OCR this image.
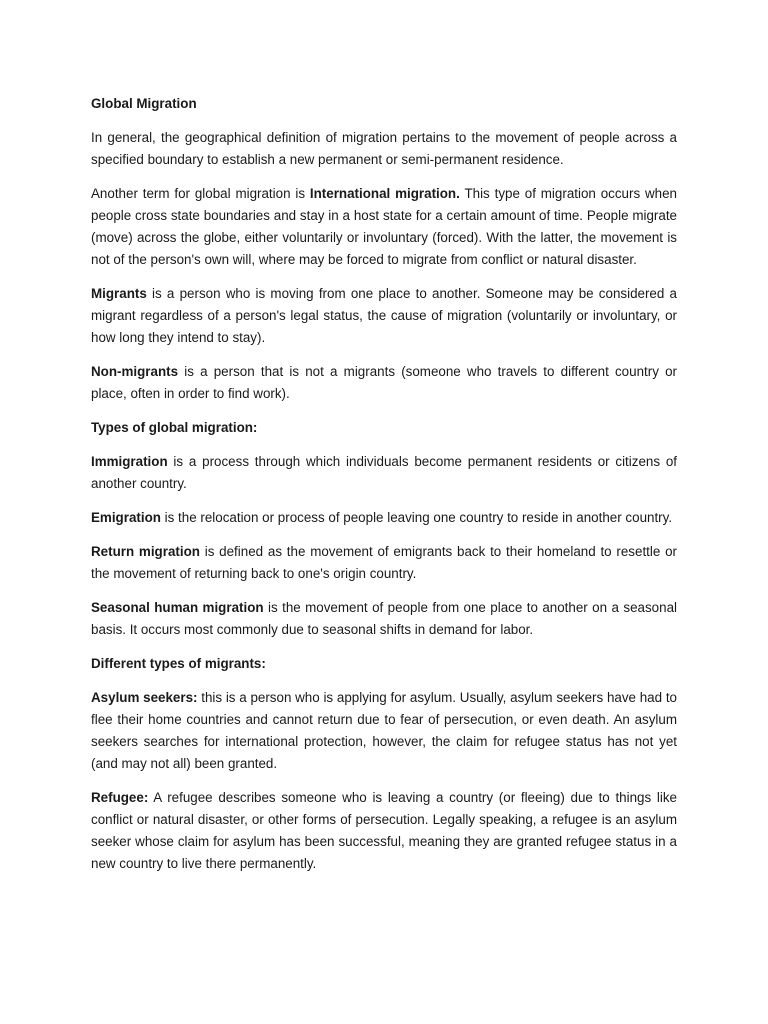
Global Migration

In general, the geographical definition of migration pertains to the movement of people across a specified boundary to establish a new permanent or semi-permanent residence.

Another term for global migration is International migration. This type of migration occurs when people cross state boundaries and stay in a host state for a certain amount of time. People migrate (move) across the globe, either voluntarily or involuntary (forced). With the latter, the movement is not of the person's own will, where may be forced to migrate from conflict or natural disaster.

Migrants is a person who is moving from one place to another. Someone may be considered a migrant regardless of a person's legal status, the cause of migration (voluntarily or involuntary, or how long they intend to stay).

Non-migrants is a person that is not a migrants (someone who travels to different country or place, often in order to find work).

Types of global migration:

Immigration is a process through which individuals become permanent residents or citizens of another country.

Emigration is the relocation or process of people leaving one country to reside in another country.

Return migration is defined as the movement of emigrants back to their homeland to resettle or the movement of returning back to one's origin country.

Seasonal human migration is the movement of people from one place to another on a seasonal basis. It occurs most commonly due to seasonal shifts in demand for labor.

Different types of migrants:

Asylum seekers: this is a person who is applying for asylum. Usually, asylum seekers have had to flee their home countries and cannot return due to fear of persecution, or even death. An asylum seekers searches for international protection, however, the claim for refugee status has not yet (and may not all) been granted.

Refugee: A refugee describes someone who is leaving a country (or fleeing) due to things like conflict or natural disaster, or other forms of persecution. Legally speaking, a refugee is an asylum seeker whose claim for asylum has been successful, meaning they are granted refugee status in a new country to live there permanently.
